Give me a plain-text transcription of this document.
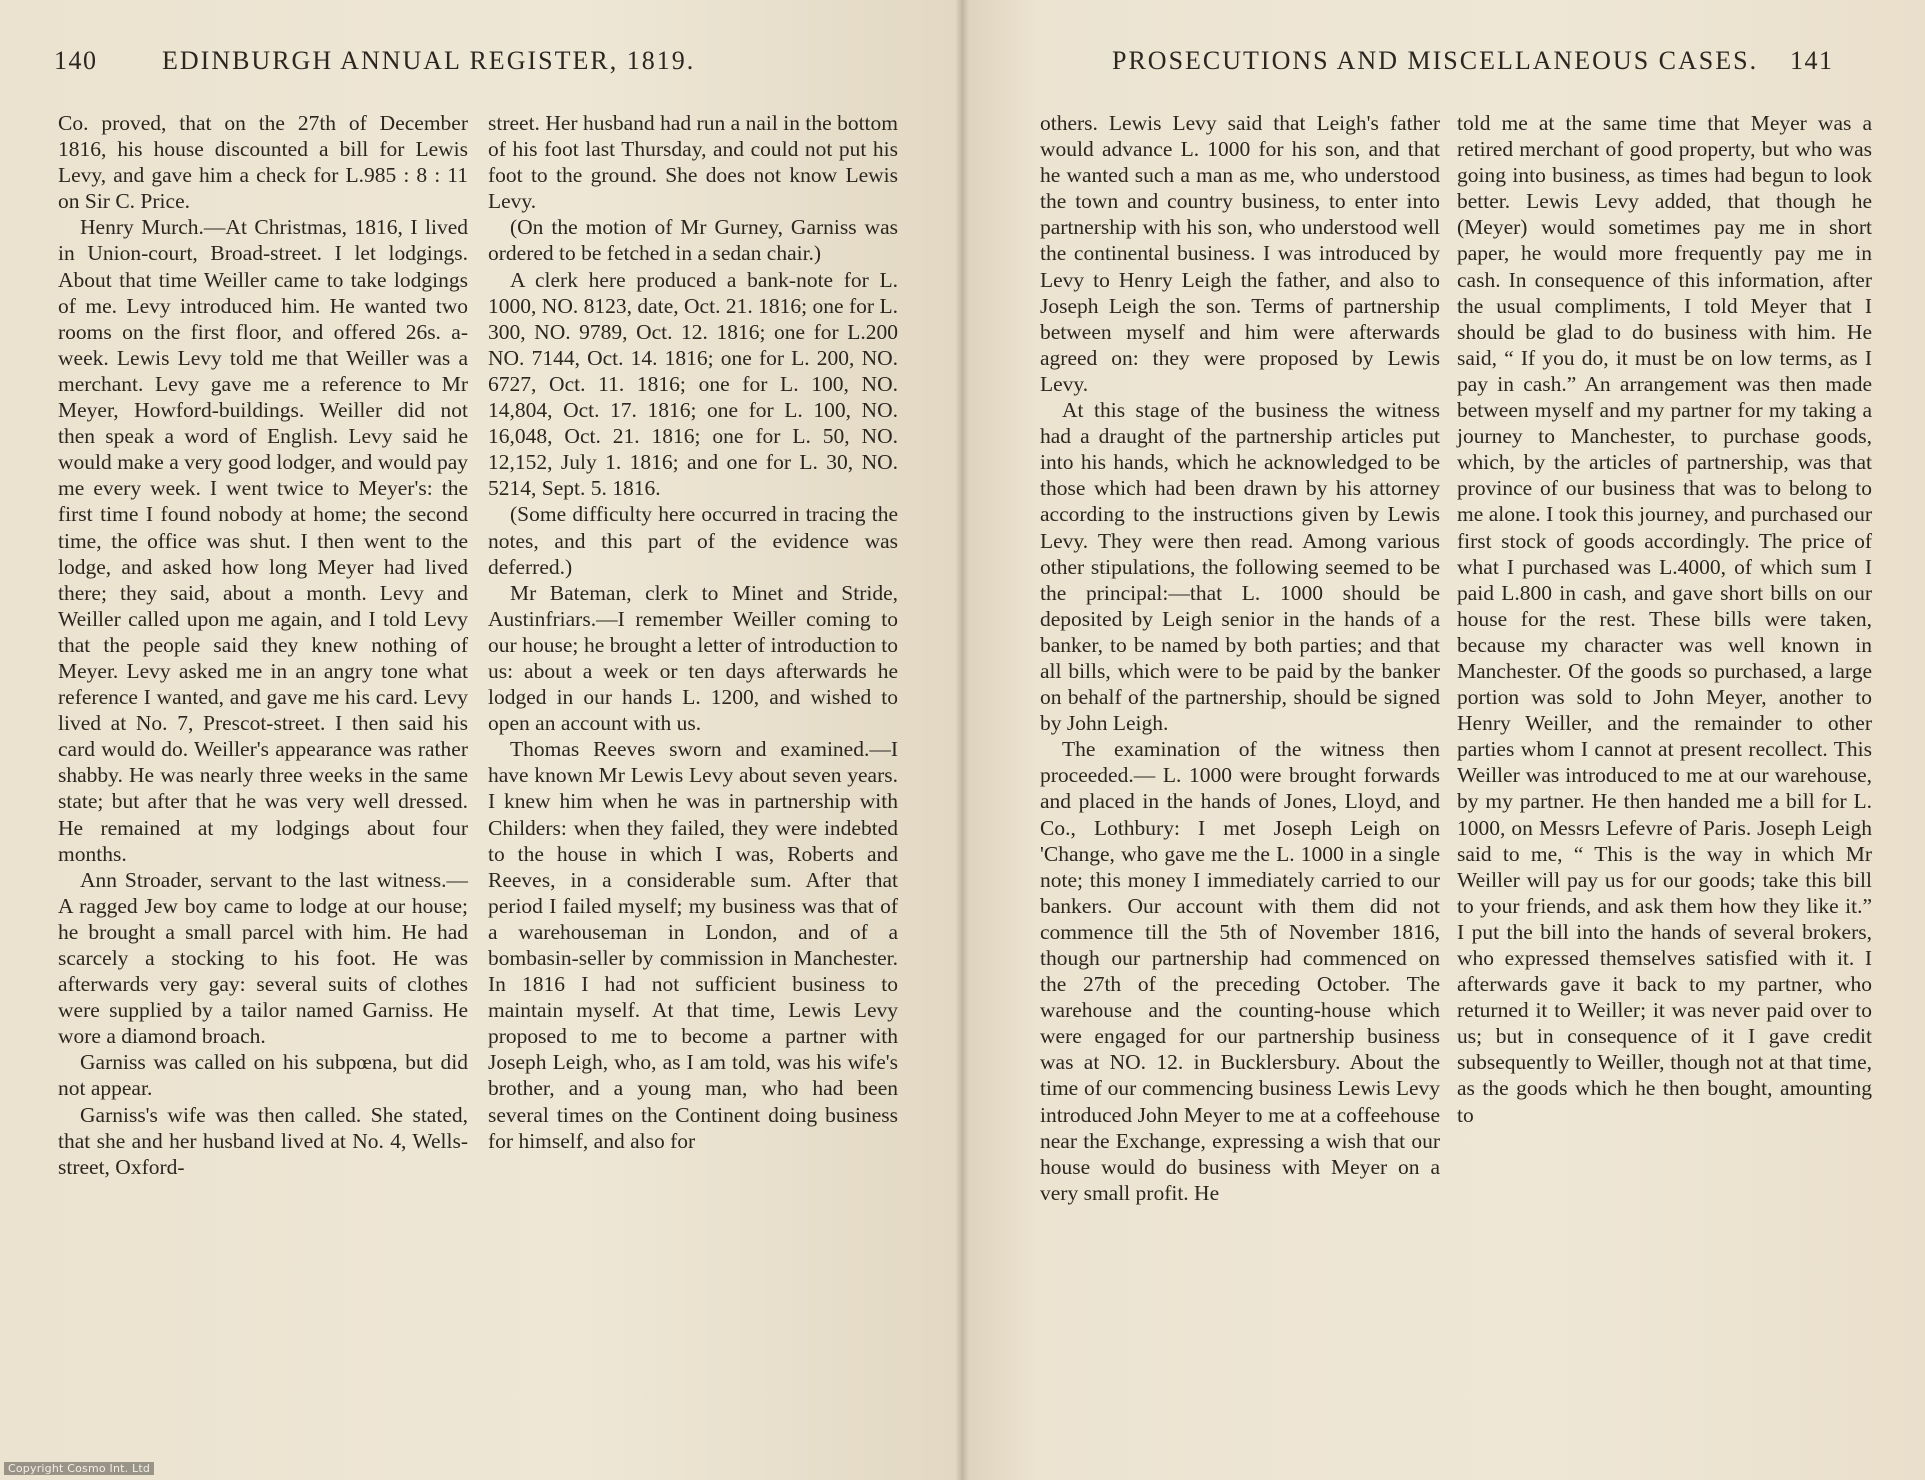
140 EDINBURGH ANNUAL REGISTER, 1819.

Co. proved, that on the 27th of December 1816, his house discounted a bill for Lewis Levy, and gave him a check for L.985 : 8 : 11 on Sir C. Price.

Henry Murch.—At Christmas, 1816, I lived in Union-court, Broad-street. I let lodgings. About that time Weiller came to take lodgings of me. Levy introduced him. He wanted two rooms on the first floor, and offered 26s. a-week. Lewis Levy told me that Weiller was a merchant. Levy gave me a reference to Mr Meyer, Howford-buildings. Weiller did not then speak a word of English. Levy said he would make a very good lodger, and would pay me every week. I went twice to Meyer's: the first time I found nobody at home; the second time, the office was shut. I then went to the lodge, and asked how long Meyer had lived there; they said, about a month. Levy and Weiller called upon me again, and I told Levy that the people said they knew nothing of Meyer. Levy asked me in an angry tone what reference I wanted, and gave me his card. Levy lived at No. 7, Prescot-street. I then said his card would do. Weiller's appearance was rather shabby. He was nearly three weeks in the same state; but after that he was very well dressed. He remained at my lodgings about four months.

Ann Stroader, servant to the last witness.—A ragged Jew boy came to lodge at our house; he brought a small parcel with him. He had scarcely a stocking to his foot. He was afterwards very gay: several suits of clothes were supplied by a tailor named Garniss. He wore a diamond broach.

Garniss was called on his subpœna, but did not appear.

Garniss's wife was then called. She stated, that she and her husband lived at No. 4, Wells-street, Oxford-

street. Her husband had run a nail in the bottom of his foot last Thursday, and could not put his foot to the ground. She does not know Lewis Levy.

(On the motion of Mr Gurney, Garniss was ordered to be fetched in a sedan chair.)

A clerk here produced a bank-note for L. 1000, NO. 8123, date, Oct. 21. 1816; one for L. 300, NO. 9789, Oct. 12. 1816; one for L.200 NO. 7144, Oct. 14. 1816; one for L. 200, NO. 6727, Oct. 11. 1816; one for L. 100, NO. 14,804, Oct. 17. 1816; one for L. 100, NO. 16,048, Oct. 21. 1816; one for L. 50, NO. 12,152, July 1. 1816; and one for L. 30, NO. 5214, Sept. 5. 1816.

(Some difficulty here occurred in tracing the notes, and this part of the evidence was deferred.)

Mr Bateman, clerk to Minet and Stride, Austinfriars.—I remember Weiller coming to our house; he brought a letter of introduction to us: about a week or ten days afterwards he lodged in our hands L. 1200, and wished to open an account with us.

Thomas Reeves sworn and examined.—I have known Mr Lewis Levy about seven years. I knew him when he was in partnership with Childers: when they failed, they were indebted to the house in which I was, Roberts and Reeves, in a considerable sum. After that period I failed myself; my business was that of a warehouseman in London, and of a bombasin-seller by commission in Manchester. In 1816 I had not sufficient business to maintain myself. At that time, Lewis Levy proposed to me to become a partner with Joseph Leigh, who, as I am told, was his wife's brother, and a young man, who had been several times on the Continent doing business for himself, and also for

PROSECUTIONS AND MISCELLANEOUS CASES. 141

others. Lewis Levy said that Leigh's father would advance L. 1000 for his son, and that he wanted such a man as me, who understood the town and country business, to enter into partnership with his son, who understood well the continental business. I was introduced by Levy to Henry Leigh the father, and also to Joseph Leigh the son. Terms of partnership between myself and him were afterwards agreed on: they were proposed by Lewis Levy.

At this stage of the business the witness had a draught of the partnership articles put into his hands, which he acknowledged to be those which had been drawn by his attorney according to the instructions given by Lewis Levy. They were then read. Among various other stipulations, the following seemed to be the principal:—that L. 1000 should be deposited by Leigh senior in the hands of a banker, to be named by both parties; and that all bills, which were to be paid by the banker on behalf of the partnership, should be signed by John Leigh.

The examination of the witness then proceeded.— L. 1000 were brought forwards and placed in the hands of Jones, Lloyd, and Co., Lothbury: I met Joseph Leigh on 'Change, who gave me the L. 1000 in a single note; this money I immediately carried to our bankers. Our account with them did not commence till the 5th of November 1816, though our partnership had commenced on the 27th of the preceding October. The warehouse and the counting-house which were engaged for our partnership business was at NO. 12. in Bucklersbury. About the time of our commencing business Lewis Levy introduced John Meyer to me at a coffeehouse near the Exchange, expressing a wish that our house would do business with Meyer on a very small profit. He

told me at the same time that Meyer was a retired merchant of good property, but who was going into business, as times had begun to look better. Lewis Levy added, that though he (Meyer) would sometimes pay me in short paper, he would more frequently pay me in cash. In consequence of this information, after the usual compliments, I told Meyer that I should be glad to do business with him. He said, “ If you do, it must be on low terms, as I pay in cash.” An arrangement was then made between myself and my partner for my taking a journey to Manchester, to purchase goods, which, by the articles of partnership, was that province of our business that was to belong to me alone. I took this journey, and purchased our first stock of goods accordingly. The price of what I purchased was L.4000, of which sum I paid L.800 in cash, and gave short bills on our house for the rest. These bills were taken, because my character was well known in Manchester. Of the goods so purchased, a large portion was sold to John Meyer, another to Henry Weiller, and the remainder to other parties whom I cannot at present recollect. This Weiller was introduced to me at our warehouse, by my partner. He then handed me a bill for L. 1000, on Messrs Lefevre of Paris. Joseph Leigh said to me, “ This is the way in which Mr Weiller will pay us for our goods; take this bill to your friends, and ask them how they like it.” I put the bill into the hands of several brokers, who expressed themselves satisfied with it. I afterwards gave it back to my partner, who returned it to Weiller; it was never paid over to us; but in consequence of it I gave credit subsequently to Weiller, though not at that time, as the goods which he then bought, amounting to

Copyright Cosmo Int. Ltd
